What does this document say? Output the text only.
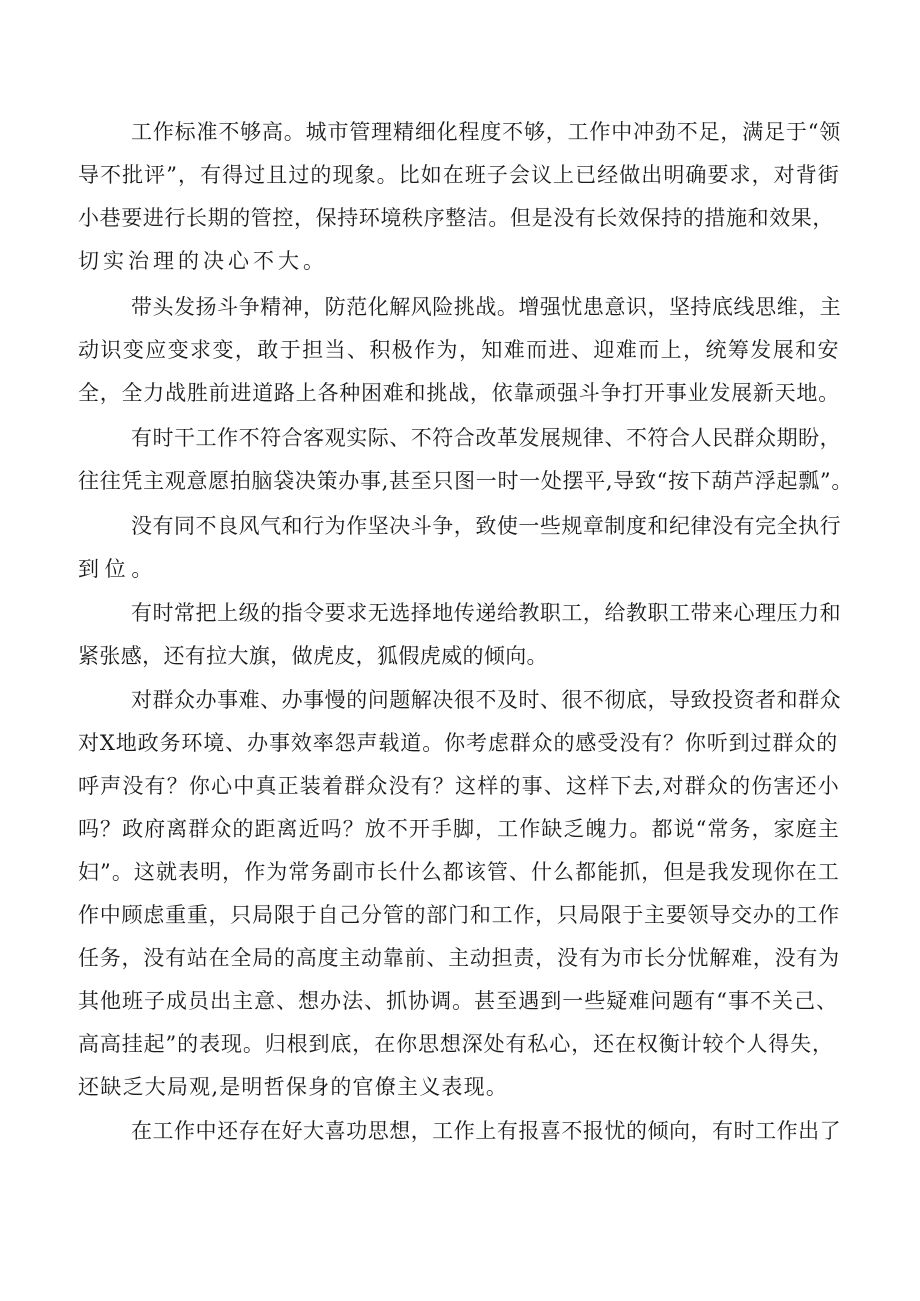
工作标准不够高。城市管理精细化程度不够，工作中冲劲不足，满足于“领
导不批评”，有得过且过的现象。比如在班子会议上已经做出明确要求，对背街
小巷要进行长期的管控，保持环境秩序整洁。但是没有长效保持的措施和效果，
切实治理的决心不大。
带头发扬斗争精神，防范化解风险挑战。增强忧患意识，坚持底线思维，主
动识变应变求变，敢于担当、积极作为，知难而进、迎难而上，统筹发展和安
全，全力战胜前进道路上各种困难和挑战，依靠顽强斗争打开事业发展新天地。
有时干工作不符合客观实际、不符合改革发展规律、不符合人民群众期盼，
往往凭主观意愿拍脑袋决策办事,甚至只图一时一处摆平,导致“按下葫芦浮起瓢”。
没有同不良风气和行为作坚决斗争，致使一些规章制度和纪律没有完全执行
到位。
有时常把上级的指令要求无选择地传递给教职工，给教职工带来心理压力和
紧张感，还有拉大旗，做虎皮，狐假虎威的倾向。
对群众办事难、办事慢的问题解决很不及时、很不彻底，导致投资者和群众
对X地政务环境、办事效率怨声载道。你考虑群众的感受没有？你听到过群众的
呼声没有？你心中真正装着群众没有？这样的事、这样下去,对群众的伤害还小
吗？政府离群众的距离近吗？放不开手脚，工作缺乏魄力。都说“常务，家庭主
妇”。这就表明，作为常务副市长什么都该管、什么都能抓，但是我发现你在工
作中顾虑重重，只局限于自己分管的部门和工作，只局限于主要领导交办的工作
任务，没有站在全局的高度主动靠前、主动担责，没有为市长分忧解难，没有为
其他班子成员出主意、想办法、抓协调。甚至遇到一些疑难问题有“事不关己、
高高挂起”的表现。归根到底，在你思想深处有私心，还在权衡计较个人得失，
还缺乏大局观,是明哲保身的官僚主义表现。
在工作中还存在好大喜功思想，工作上有报喜不报忧的倾向，有时工作出了
